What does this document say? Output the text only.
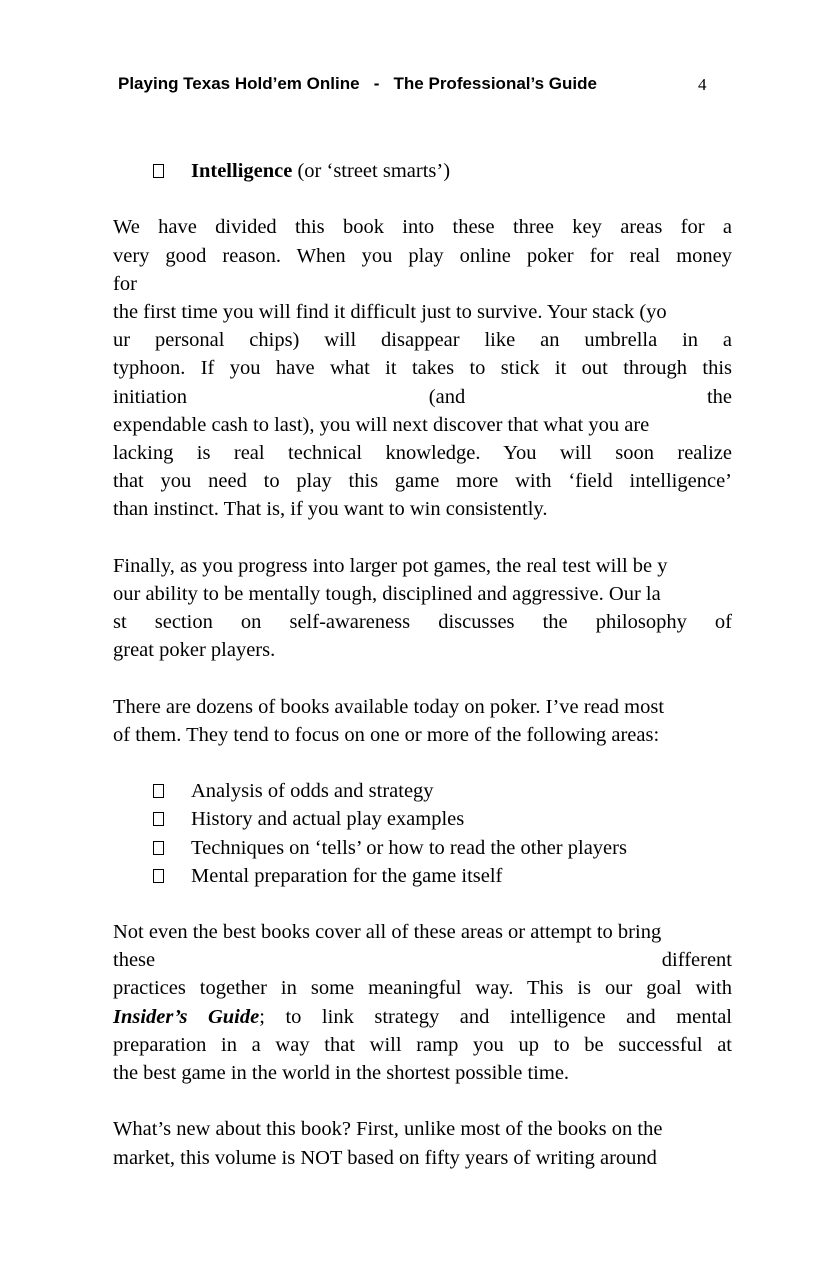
Playing Texas Hold’em Online   -   The Professional’s Guide	4
Intelligence (or ‘street smarts’)
We have divided this book into these three key areas for a
very good reason. When you play online poker for real money
for
the first time you will find it difficult just to survive. Your stack (yo
ur personal chips) will disappear like an umbrella in a
typhoon. If you have what it takes to stick it out through this
initiation (and the
expendable cash to last), you will next discover that what you are
lacking is real technical knowledge. You will soon realize
that you need to play this game more with ‘field intelligence’
than instinct. That is, if you want to win consistently.
Finally, as you progress into larger pot games, the real test will be y
our ability to be mentally tough, disciplined and aggressive. Our la
st section on self-awareness discusses the philosophy of
great poker players.
There are dozens of books available today on poker. I’ve read most
of them. They tend to focus on one or more of the following areas:
Analysis of odds and strategy
History and actual play examples
Techniques on ‘tells’ or how to read the other players
Mental preparation for the game itself
Not even the best books cover all of these areas or attempt to bring
these different
practices together in some meaningful way. This is our goal with
Insider’s Guide; to link strategy and intelligence and mental
preparation in a way that will ramp you up to be successful at
the best game in the world in the shortest possible time.
What’s new about this book? First, unlike most of the books on the
market, this volume is NOT based on fifty years of writing around
